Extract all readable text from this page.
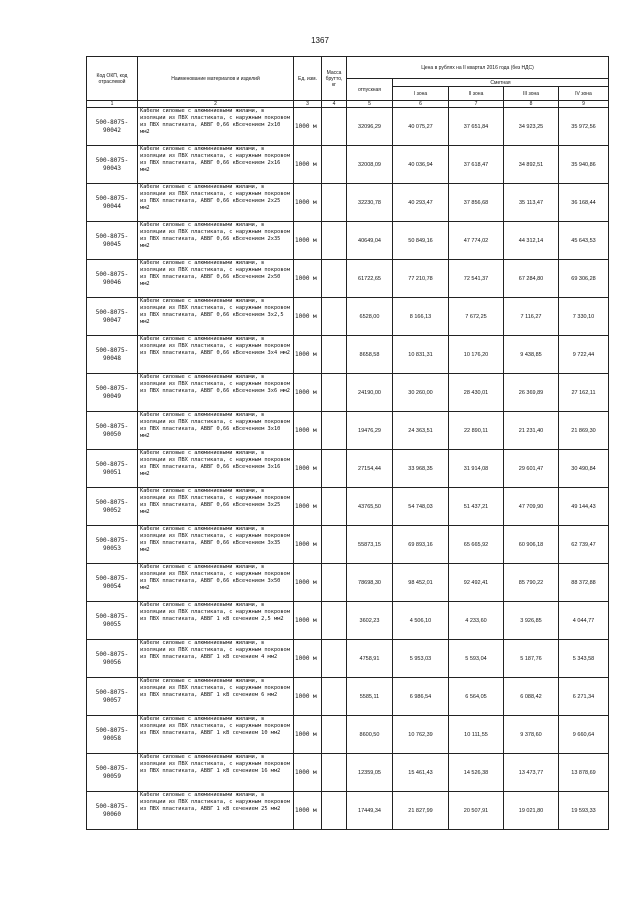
1367
Код ОКП, код отраслевой	Наименование материалов и изделий	Ед. изм.	Масса брутто, кг	Цена в рублях на II квартал 2016 года (без НДС)				
				отпускная	Сметная			
					I зона	II зона	III зона	IV зона

1	2	3	4	5	6	7	8	9
500-8075-90042	Кабели силовые с алюминиевыми жилами, в изоляции из ПВХ пластиката, с наружным покровом из ПВХ пластиката, АВВГ 0,66 кВсечением 2х10 мм2	1000 м		32096,29	40 075,27	37 651,84	34 923,25	35 972,56
500-8075-90043	Кабели силовые с алюминиевыми жилами, в изоляции из ПВХ пластиката, с наружным покровом из ПВХ пластиката, АВВГ 0,66 кВсечением 2х16 мм2	1000 м		32008,09	40 036,94	37 618,47	34 892,51	35 940,86
500-8075-90044	Кабели силовые с алюминиевыми жилами, в изоляции из ПВХ пластиката, с наружным покровом из ПВХ пластиката, АВВГ 0,66 кВсечением 2х25 мм2	1000 м		32230,78	40 293,47	37 856,68	35 113,47	36 168,44
500-8075-90045	Кабели силовые с алюминиевыми жилами, в изоляции из ПВХ пластиката, с наружным покровом из ПВХ пластиката, АВВГ 0,66 кВсечением 2х35 мм2	1000 м		40649,04	50 849,16	47 774,02	44 312,14	45 643,53
500-8075-90046	Кабели силовые с алюминиевыми жилами, в изоляции из ПВХ пластиката, с наружным покровом из ПВХ пластиката, АВВГ 0,66 кВсечением 2х50 мм2	1000 м		61722,65	77 210,78	72 541,37	67 284,80	69 306,28
500-8075-90047	Кабели силовые с алюминиевыми жилами, в изоляции из ПВХ пластиката, с наружным покровом из ПВХ пластиката, АВВГ 0,66 кВсечением 3х2,5 мм2	1000 м		6528,00	8 166,13	7 672,25	7 116,27	7 330,10
500-8075-90048	Кабели силовые с алюминиевыми жилами, в изоляции из ПВХ пластиката, с наружным покровом из ПВХ пластиката, АВВГ 0,66 кВсечением 3х4 мм2	1000 м		8658,58	10 831,31	10 176,20	9 438,85	9 722,44
500-8075-90049	Кабели силовые с алюминиевыми жилами, в изоляции из ПВХ пластиката, с наружным покровом из ПВХ пластиката, АВВГ 0,66 кВсечением 3х6 мм2	1000 м		24190,00	30 260,00	28 430,01	26 369,89	27 162,11
500-8075-90050	Кабели силовые с алюминиевыми жилами, в изоляции из ПВХ пластиката, с наружным покровом из ПВХ пластиката, АВВГ 0,66 кВсечением 3х10 мм2	1000 м		19476,29	24 363,51	22 890,11	21 231,40	21 869,30
500-8075-90051	Кабели силовые с алюминиевыми жилами, в изоляции из ПВХ пластиката, с наружным покровом из ПВХ пластиката, АВВГ 0,66 кВсечением 3х16 мм2	1000 м		27154,44	33 968,35	31 914,08	29 601,47	30 490,84
500-8075-90052	Кабели силовые с алюминиевыми жилами, в изоляции из ПВХ пластиката, с наружным покровом из ПВХ пластиката, АВВГ 0,66 кВсечением 3х25 мм2	1000 м		43765,50	54 748,03	51 437,21	47 709,90	49 144,43
500-8075-90053	Кабели силовые с алюминиевыми жилами, в изоляции из ПВХ пластиката, с наружным покровом из ПВХ пластиката, АВВГ 0,66 кВсечением 3х35 мм2	1000 м		55873,15	69 893,16	65 665,92	60 906,18	62 739,47
500-8075-90054	Кабели силовые с алюминиевыми жилами, в изоляции из ПВХ пластиката, с наружным покровом из ПВХ пластиката, АВВГ 0,66 кВсечением 3х50 мм2	1000 м		78698,30	98 452,01	92 492,41	85 790,22	88 372,88
500-8075-90055	Кабели силовые с алюминиевыми жилами, в изоляции из ПВХ пластиката, с наружным покровом из ПВХ пластиката, АВВГ 1 кВ сечением 2,5 мм2	1000 м		3602,23	4 506,10	4 233,60	3 926,85	4 044,77
500-8075-90056	Кабели силовые с алюминиевыми жилами, в изоляции из ПВХ пластиката, с наружным покровом из ПВХ пластиката, АВВГ 1 кВ сечением 4 мм2	1000 м		4758,91	5 953,03	5 593,04	5 187,76	5 343,58
500-8075-90057	Кабели силовые с алюминиевыми жилами, в изоляции из ПВХ пластиката, с наружным покровом из ПВХ пластиката, АВВГ 1 кВ сечением 6 мм2	1000 м		5585,11	6 986,54	6 564,05	6 088,42	6 271,34
500-8075-90058	Кабели силовые с алюминиевыми жилами, в изоляции из ПВХ пластиката, с наружным покровом из ПВХ пластиката, АВВГ 1 кВ сечением 10 мм2	1000 м		8600,50	10 762,39	10 111,55	9 378,60	9 660,64
500-8075-90059	Кабели силовые с алюминиевыми жилами, в изоляции из ПВХ пластиката, с наружным покровом из ПВХ пластиката, АВВГ 1 кВ сечением 16 мм2	1000 м		12359,05	15 461,43	14 526,38	13 473,77	13 878,69
500-8075-90060	Кабели силовые с алюминиевыми жилами, в изоляции из ПВХ пластиката, с наружным покровом из ПВХ пластиката, АВВГ 1 кВ сечением 25 мм2	1000 м		17449,34	21 827,99	20 507,91	19 021,80	19 593,33
